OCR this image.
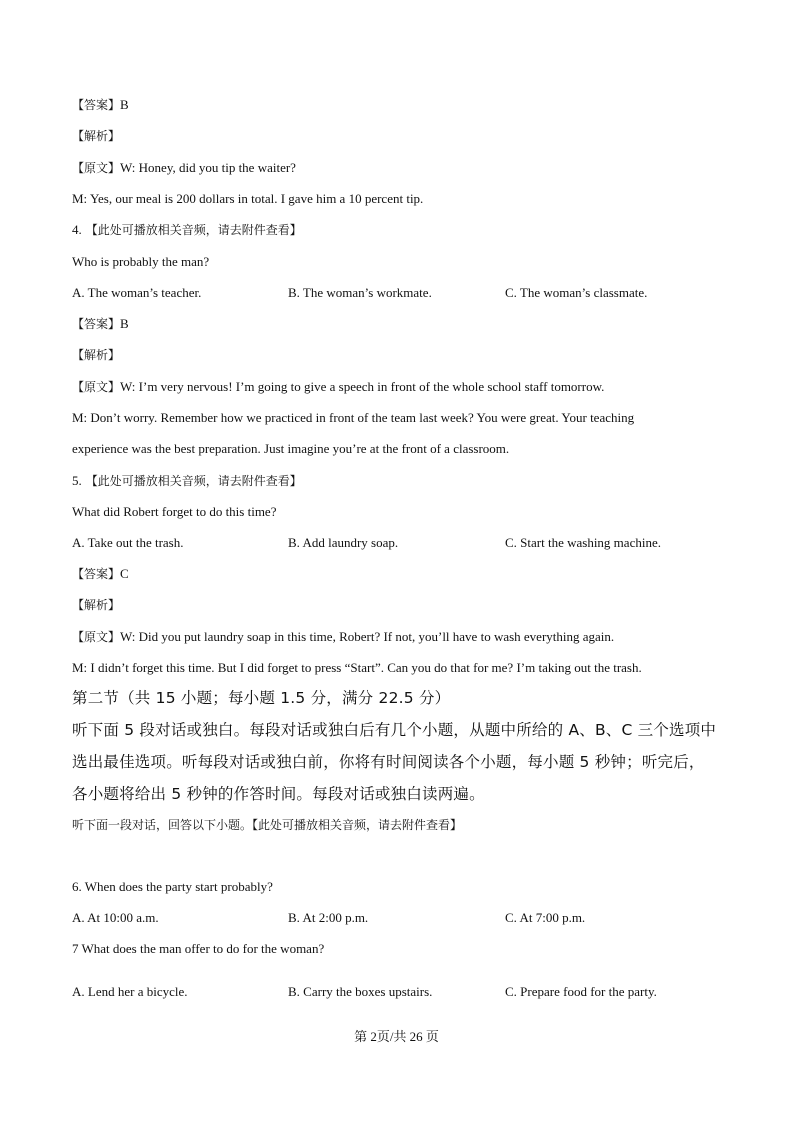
【答案】B
【解析】
【原文】W: Honey, did you tip the waiter?
M: Yes, our meal is 200 dollars in total. I gave him a 10 percent tip.
4. 【此处可播放相关音频，请去附件查看】
Who is probably the man?
A. The woman’s teacher.	B. The woman’s workmate.	C. The woman’s classmate.
【答案】B
【解析】
【原文】W: I’m very nervous! I’m going to give a speech in front of the whole school staff tomorrow.
M: Don’t worry. Remember how we practiced in front of the team last week? You were great. Your teaching
experience was the best preparation. Just imagine you’re at the front of a classroom.
5. 【此处可播放相关音频，请去附件查看】
What did Robert forget to do this time?
A. Take out the trash.	B. Add laundry soap.	C. Start the washing machine.
【答案】C
【解析】
【原文】W: Did you put laundry soap in this time, Robert? If not, you’ll have to wash everything again.
M: I didn’t forget this time. But I did forget to press “Start”. Can you do that for me? I’m taking out the trash.
第二节（共 15 小题；每小题 1.5 分，满分 22.5 分）
听下面 5 段对话或独白。每段对话或独白后有几个小题，从题中所给的 A、B、C 三个选项中
选出最佳选项。听每段对话或独白前，你将有时间阅读各个小题，每小题 5 秒钟；听完后，
各小题将给出 5 秒钟的作答时间。每段对话或独白读两遍。
听下面一段对话，回答以下小题。【此处可播放相关音频，请去附件查看】
6. When does the party start probably?
A. At 10:00 a.m.	B. At 2:00 p.m.	C. At 7:00 p.m.
7 What does the man offer to do for the woman?
A. Lend her a bicycle.	B. Carry the boxes upstairs.	C. Prepare food for the party.
第 2页/共 26 页
